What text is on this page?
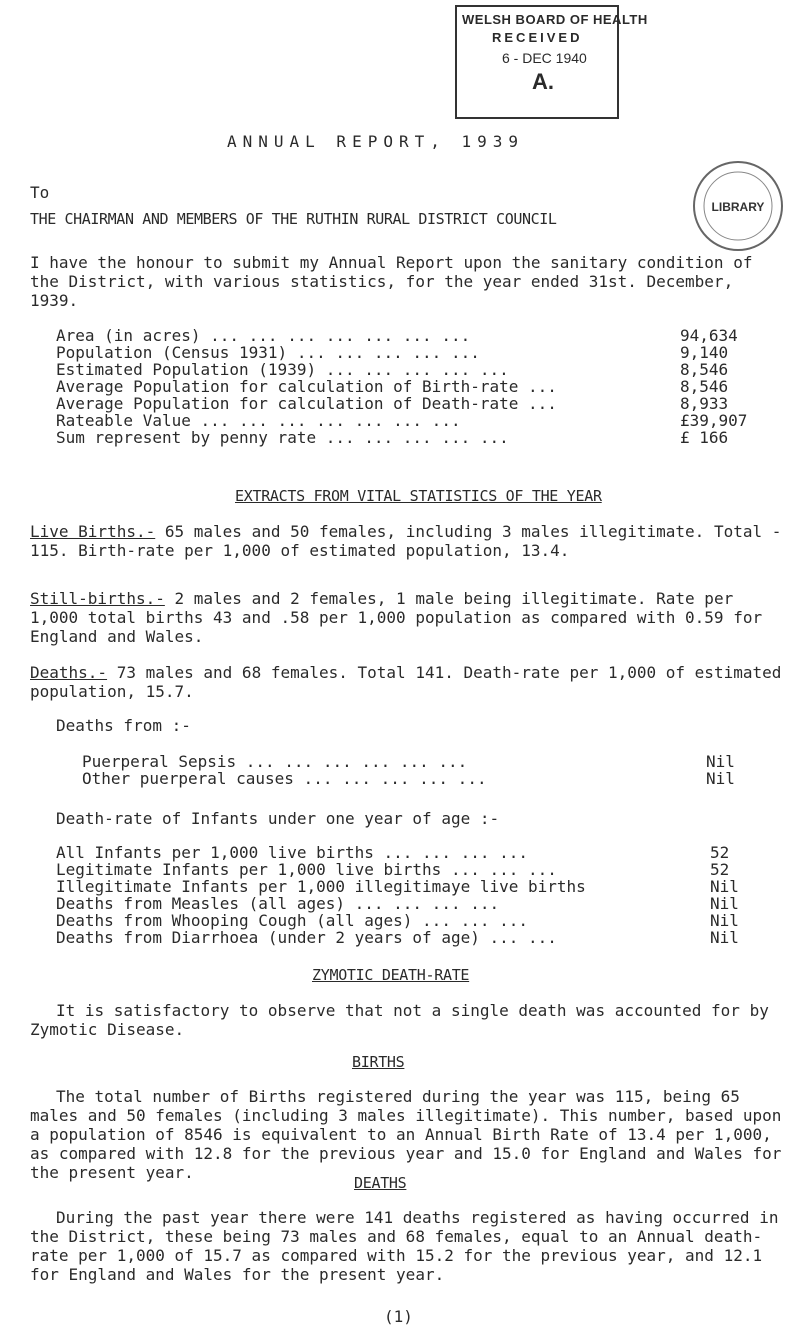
WELSH BOARD OF HEALTH
RECEIVED
6 - DEC 1940
A.
LIBRARY
ANNUAL REPORT, 1939
To
THE CHAIRMAN AND MEMBERS OF THE RUTHIN RURAL DISTRICT COUNCIL

I have the honour to submit my Annual Report upon the sanitary condition of the District, with various statistics, for the year ended 31st. December, 1939.

Area (in acres) ... ... ... ... ... ... ...	94,634
Population (Census 1931) ... ... ... ... ...	9,140
Estimated Population (1939) ... ... ... ... ...	8,546
Average Population for calculation of Birth-rate ...	8,546
Average Population for calculation of Death-rate ...	8,933
Rateable Value ... ... ... ... ... ... ...	£39,907
Sum represent by penny rate ... ... ... ... ...	£ 166
EXTRACTS FROM VITAL STATISTICS OF THE YEAR

Live Births.- 65 males and 50 females, including 3 males illegitimate. Total - 115. Birth-rate per 1,000 of estimated population, 13.4.

Still-births.- 2 males and 2 females, 1 male being illegitimate. Rate per 1,000 total births 43 and .58 per 1,000 population as compared with 0.59 for England and Wales.

Deaths.- 73 males and 68 females. Total 141. Death-rate per 1,000 of estimated population, 15.7.

Deaths from :-
Puerperal Sepsis ... ... ... ... ... ...	Nil
Other puerperal causes ... ... ... ... ...	Nil
Death-rate of Infants under one year of age :-
All Infants per 1,000 live births ... ... ... ...	52
Legitimate Infants per 1,000 live births ... ... ...	52
Illegitimate Infants per 1,000 illegitimaye live births	Nil
Deaths from Measles (all ages) ... ... ... ...	Nil
Deaths from Whooping Cough (all ages) ... ... ...	Nil
Deaths from Diarrhoea (under 2 years of age) ... ...	Nil
ZYMOTIC DEATH-RATE

It is satisfactory to observe that not a single death was accounted for by Zymotic Disease.

BIRTHS

The total number of Births registered during the year was 115, being 65 males and 50 females (including 3 males illegitimate). This number, based upon a population of 8546 is equivalent to an Annual Birth Rate of 13.4 per 1,000, as compared with 12.8 for the previous year and 15.0 for England and Wales for the present year.

DEATHS

During the past year there were 141 deaths registered as having occurred in the District, these being 73 males and 68 females, equal to an Annual death-rate per 1,000 of 15.7 as compared with 15.2 for the previous year, and 12.1 for England and Wales for the present year.

(1)
